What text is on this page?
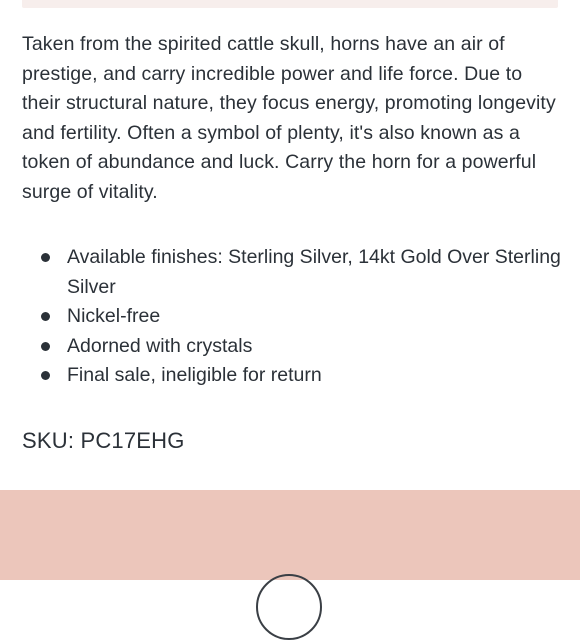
Taken from the spirited cattle skull, horns have an air of prestige, and carry incredible power and life force. Due to their structural nature, they focus energy, promoting longevity and fertility. Often a symbol of plenty, it's also known as a token of abundance and luck. Carry the horn for a powerful surge of vitality.

Available finishes: Sterling Silver, 14kt Gold Over Sterling Silver
Nickel-free
Adorned with crystals
Final sale, ineligible for return

SKU: PC17EHG
